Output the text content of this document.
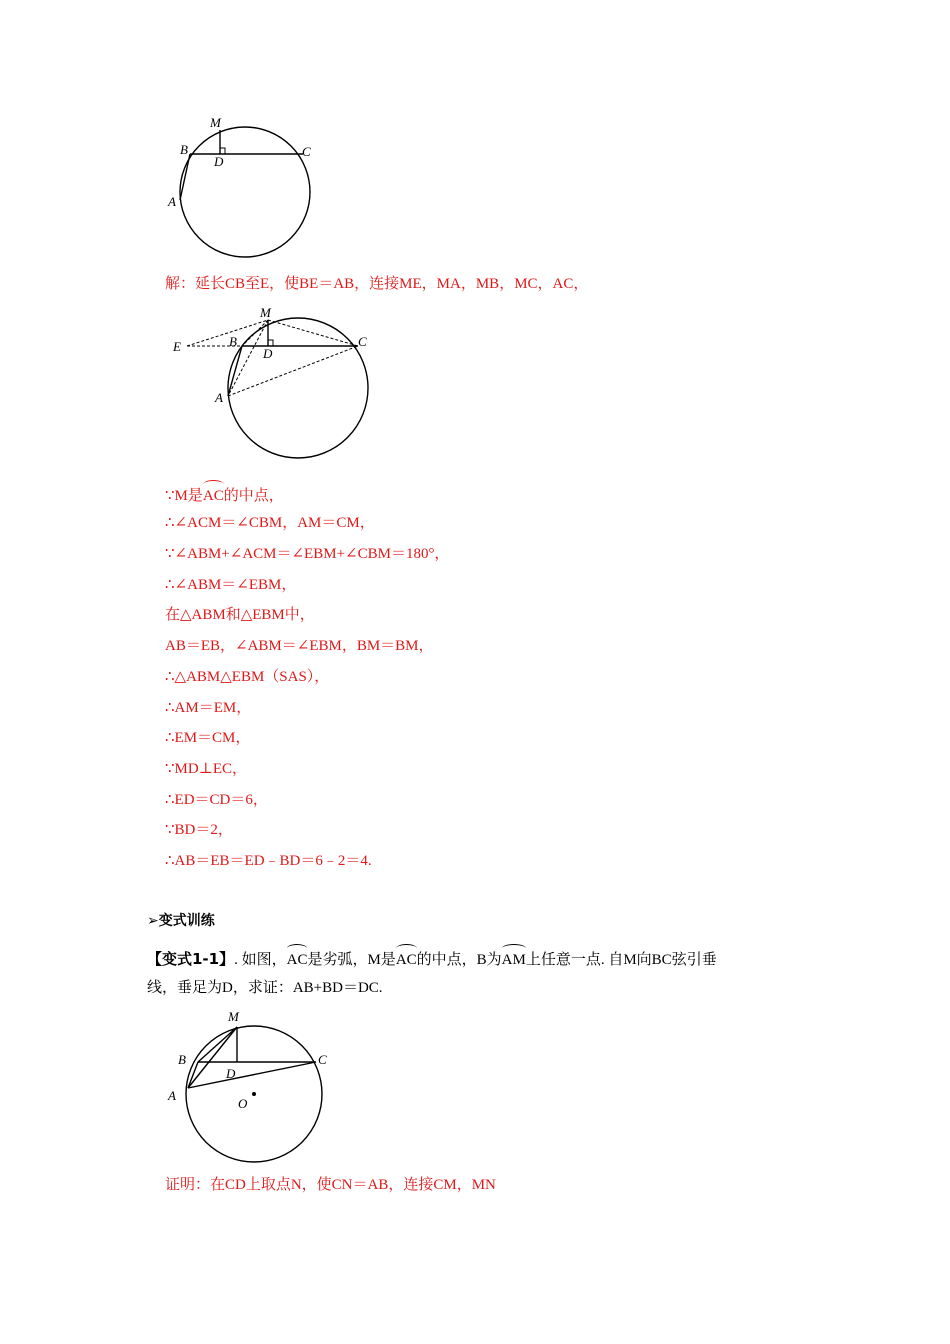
M
B	C
D
A
解：延长CB至E，使BE＝AB，连接ME，MA，MB，MC，AC，
M
E	B	C
D
A
∵M是AC的中点，
∴∠ACM＝∠CBM，AM＝CM，
∵∠ABM+∠ACM＝∠EBM+∠CBM＝180°，
∴∠ABM＝∠EBM，
在△ABM和△EBM中，
AB＝EB，∠ABM＝∠EBM，BM＝BM，
∴△ABM△EBM（SAS），
∴AM＝EM，
∴EM＝CM，
∵MD⊥EC，
∴ED＝CD＝6，
∵BD＝2，
∴AB＝EB＝ED﹣BD＝6﹣2＝4.
➢变式训练
【变式1-1】. 如图，AC是劣弧，M是AC的中点，B为AM上任意一点. 自M向BC弦引垂
线，垂足为D，求证：AB+BD＝DC.
M
B	C
D
A
O
证明：在CD上取点N，使CN＝AB，连接CM，MN
